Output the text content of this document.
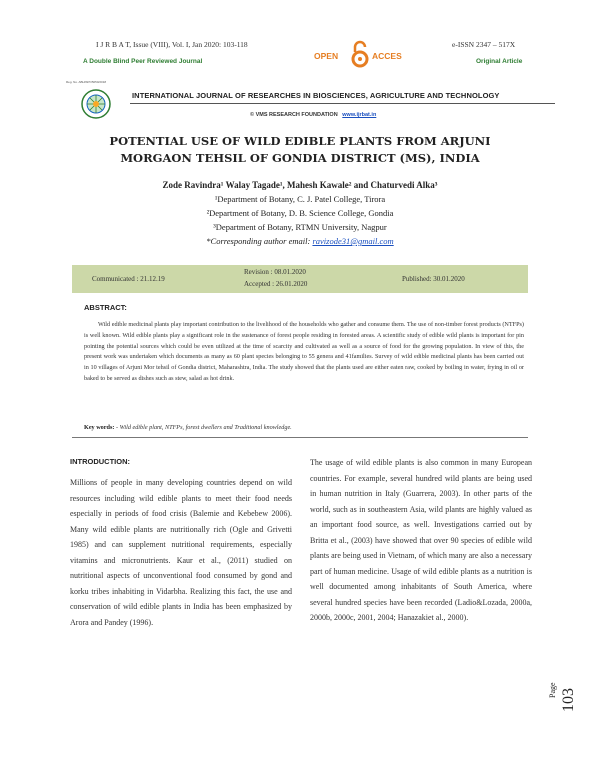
I J R B A T, Issue (VIII), Vol. I, Jan 2020: 103-118
A Double Blind Peer Reviewed Journal
e-ISSN 2347 – 517X
Original Article
OPEN	ACCES
Reg. No. ABHISPO5050/2018
INTERNATIONAL JOURNAL OF RESEARCHES IN BIOSCIENCES, AGRICULTURE AND TECHNOLOGY
© VMS RESEARCH FOUNDATION www.ijrbat.in
POTENTIAL USE OF WILD EDIBLE PLANTS FROM ARJUNI
MORGAON TEHSIL OF GONDIA DISTRICT (MS), INDIA
Zode Ravindra¹ Walay Tagade¹, Mahesh Kawale² and Chaturvedi Alka³
¹Department of Botany, C. J. Patel College, Tirora
²Department of Botany, D. B. Science College, Gondia
³Department of Botany, RTMN University, Nagpur
*Corresponding author email: ravizode31@gmail.com
Communicated : 21.12.19
Revision : 08.01.2020
Accepted : 26.01.2020
Published: 30.01.2020
ABSTRACT:
Wild edible medicinal plants play important contribution to the livelihood of the households who gather and consume them. The use of non-timber forest products (NTFPs) is well known. Wild edible plants play a significant role in the sustenance of forest people residing in forested areas. A scientific study of edible wild plants is important for pin pointing the potential sources which could be even utilized at the time of scarcity and cultivated as well as a source of food for the growing population. In view of this, the present work was undertaken which documents as many as 60 plant species belonging to 55 genera and 41families. Survey of wild edible medicinal plants has been carried out in 10 villages of Arjuni Mor tehsil of Gondia district, Maharashtra, India. The study showed that the plants used are either eaten raw, cooked by boiling in water, frying in oil or baked to be served as dishes such as stew, salad as hot drink.
Key words: - Wild edible plant, NTFPs, forest dwellers and Traditional knowledge.
INTRODUCTION:
Millions of people in many developing countries depend on wild resources including wild edible plants to meet their food needs especially in periods of food crisis (Balemie and Kebebew 2006). Many wild edible plants are nutritionally rich (Ogle and Grivetti 1985) and can supplement nutritional requirements, especially vitamins and micronutrients. Kaur et al., (2011) studied on nutritional aspects of unconventional food consumed by gond and korku tribes inhabiting in Vidarbha. Realizing this fact, the use and conservation of wild edible plants in India has been emphasized by Arora and Pandey (1996).
The usage of wild edible plants is also common in many European countries. For example, several hundred wild plants are being used in human nutrition in Italy (Guarrera, 2003). In other parts of the world, such as in southeastern Asia, wild plants are highly valued as an important food source, as well. Investigations carried out by Britta et al., (2003) have showed that over 90 species of edible wild plants are being used in Vietnam, of which many are also a necessary part of human medicine. Usage of wild edible plants as a nutrition is well documented among inhabitants of South America, where several hundred species have been recorded (Ladio&Lozada, 2000a, 2000b, 2000c, 2001, 2004; Hanazakiet al., 2000).
Page 103
